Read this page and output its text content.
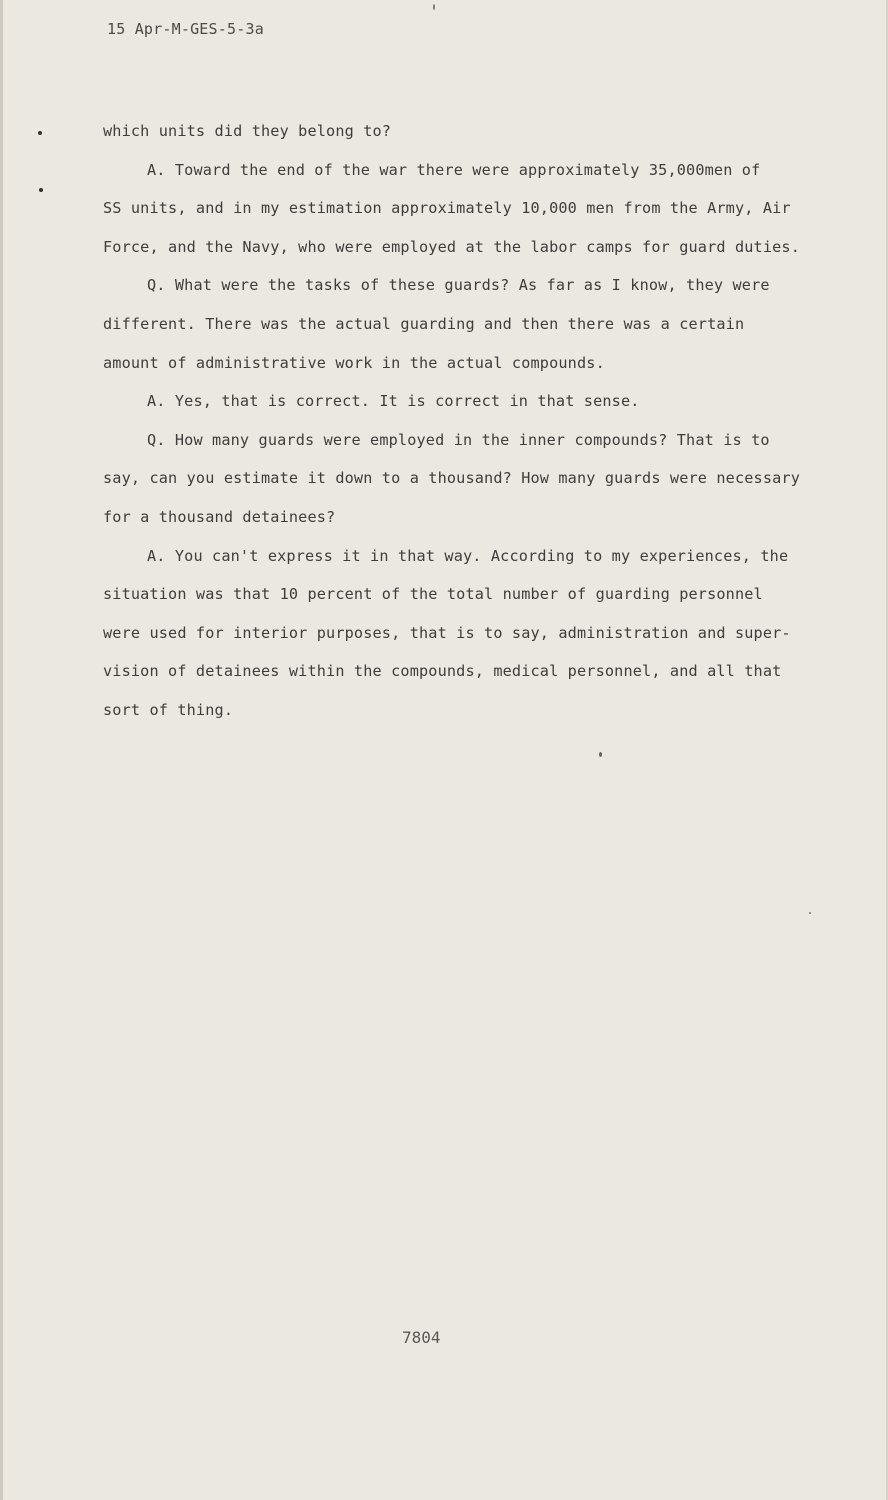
15 Apr-M-GES-5-3a
which units did they belong to?
A. Toward the end of the war there were approximately 35,000men of
SS units, and in my estimation approximately 10,000 men from the Army, Air
Force, and the Navy, who were employed at the labor camps for guard duties.
Q. What were the tasks of these guards? As far as I know, they were
different. There was the actual guarding and then there was a certain
amount of administrative work in the actual compounds.
A. Yes, that is correct. It is correct in that sense.
Q. How many guards were employed in the inner compounds? That is to
say, can you estimate it down to a thousand? How many guards were necessary
for a thousand detainees?
A. You can't express it in that way. According to my experiences, the
situation was that 10 percent of the total number of guarding personnel
were used for interior purposes, that is to say, administration and super-
vision of detainees within the compounds, medical personnel, and all that
sort of thing.
7804
